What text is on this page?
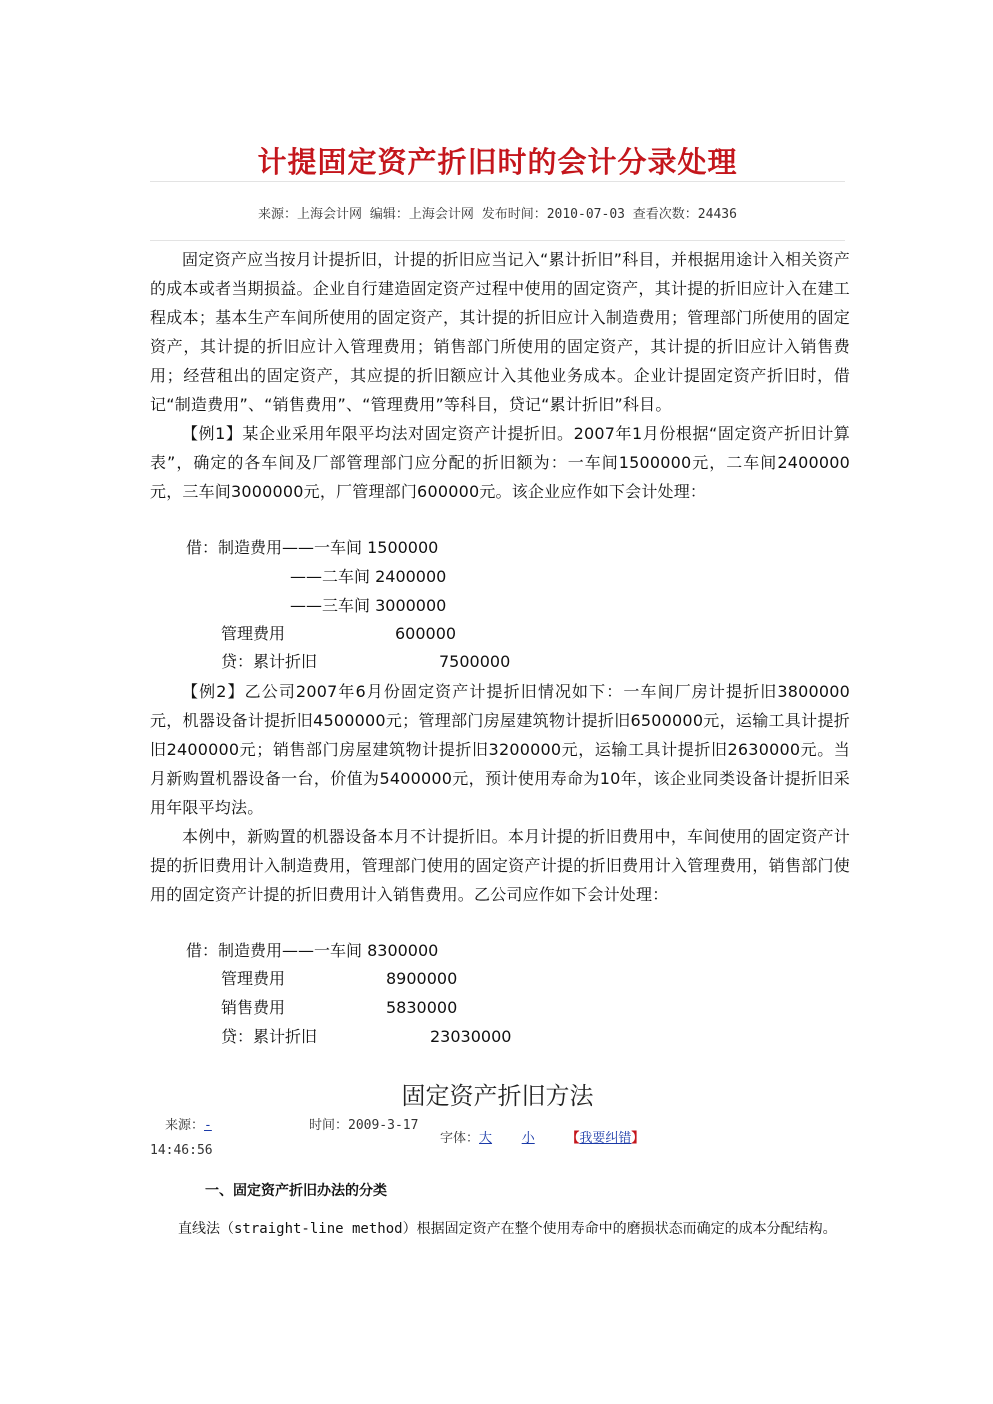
计提固定资产折旧时的会计分录处理
来源：上海会计网 编辑：上海会计网 发布时间：2010-07-03 查看次数：24436

固定资产应当按月计提折旧，计提的折旧应当记入“累计折旧”科目，并根据用途计入相关资产的成本或者当期损益。企业自行建造固定资产过程中使用的固定资产，其计提的折旧应计入在建工程成本；基本生产车间所使用的固定资产，其计提的折旧应计入制造费用；管理部门所使用的固定资产，其计提的折旧应计入管理费用；销售部门所使用的固定资产，其计提的折旧应计入销售费用；经营租出的固定资产，其应提的折旧额应计入其他业务成本。企业计提固定资产折旧时，借记“制造费用”、“销售费用”、“管理费用”等科目，贷记“累计折旧”科目。

【例1】某企业采用年限平均法对固定资产计提折旧。2007年1月份根据“固定资产折旧计算表”，确定的各车间及厂部管理部门应分配的折旧额为：一车间1500000元，二车间2400000元，三车间3000000元，厂管理部门600000元。该企业应作如下会计处理：

借：制造费用——一车间 1500000
——二车间 2400000
——三车间 3000000
管理费用	600000
贷：累计折旧	7500000

【例2】乙公司2007年6月份固定资产计提折旧情况如下：一车间厂房计提折旧3800000元，机器设备计提折旧4500000元；管理部门房屋建筑物计提折旧6500000元，运输工具计提折旧2400000元；销售部门房屋建筑物计提折旧3200000元，运输工具计提折旧2630000元。当月新购置机器设备一台，价值为5400000元，预计使用寿命为10年，该企业同类设备计提折旧采用年限平均法。

本例中，新购置的机器设备本月不计提折旧。本月计提的折旧费用中，车间使用的固定资产计提的折旧费用计入制造费用，管理部门使用的固定资产计提的折旧费用计入管理费用，销售部门使用的固定资产计提的折旧费用计入销售费用。乙公司应作如下会计处理：

借：制造费用——一车间 8300000
管理费用	8900000
销售费用	5830000
贷：累计折旧	23030000
固定资产折旧方法
来源：-	时间：2009-3-17
14:46:56
字体：大 小 【我要纠错】
一、固定资产折旧办法的分类
直线法（straight-line method）根据固定资产在整个使用寿命中的磨损状态而确定的成本分配结构。
